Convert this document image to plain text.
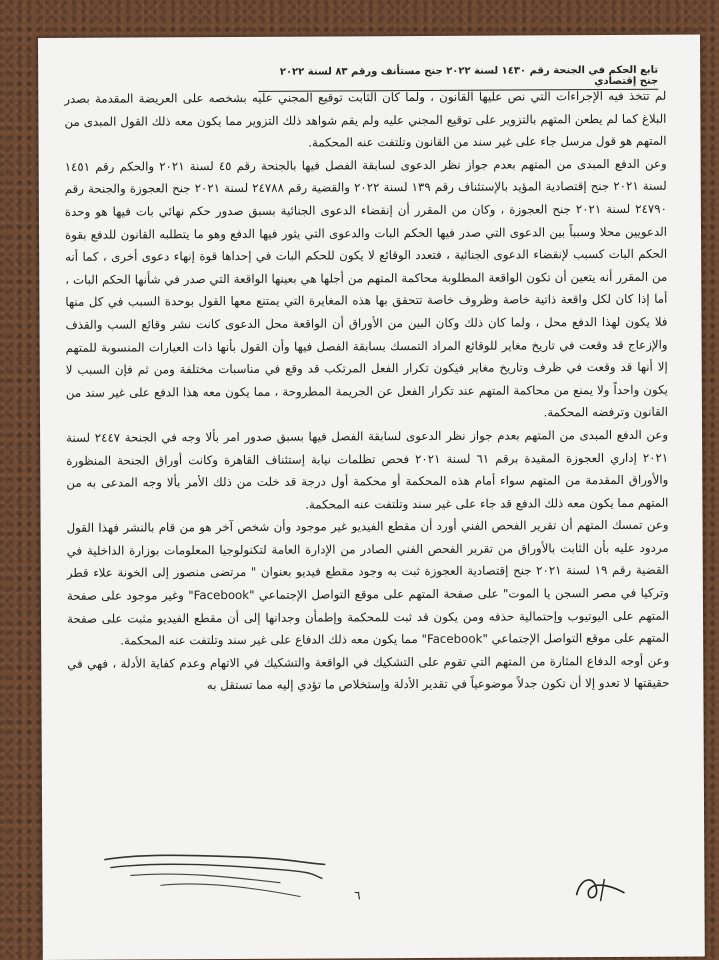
تابع الحكم في الجنحة رقم ١٤٣٠ لسنة ٢٠٢٢ جنح مستأنف ورقم ٨٣ لسنة ٢٠٢٢ جنح إقتصادي

لم تتخذ فيه الإجراءات التي نص عليها القانون ، ولما كان الثابت توقيع المجني عليه بشخصه على العريضة المقدمة بصدر البلاغ كما لم يطعن المتهم بالتزوير على توقيع المجني عليه ولم يقم شواهد ذلك التزوير مما يكون معه ذلك القول المبدى من المتهم هو قول مرسل جاء على غير سند من القانون وتلتفت عنه المحكمة.

وعن الدفع المبدى من المتهم بعدم جواز نظر الدعوى لسابقة الفصل فيها بالجنحة رقم ٤٥ لسنة ٢٠٢١ والحكم رقم ١٤٥١ لسنة ٢٠٢١ جنح إقتصادية المؤيد بالإستئناف رقم ١٣٩ لسنة ٢٠٢٢ والقضية رقم ٢٤٧٨٨ لسنة ٢٠٢١ جنح العجوزة والجنحة رقم ٢٤٧٩٠ لسنة ٢٠٢١ جنح العجوزة ، وكان من المقرر أن إنقضاء الدعوى الجنائية بسبق صدور حكم نهائي بات فيها هو وحدة الدعويين محلا وسبباً بين الدعوى التي صدر فيها الحكم البات والدعوى التي يثور فيها الدفع وهو ما يتطلبه القانون للدفع بقوة الحكم البات كسبب لإنقضاء الدعوى الجنائية ، فتعدد الوقائع لا يكون للحكم البات في إحداها قوة إنهاء دعوى أخرى ، كما أنه من المقرر أنه يتعين أن تكون الواقعة المطلوبة محاكمة المتهم من أجلها هي بعينها الواقعة التي صدر في شأنها الحكم البات ، أما إذا كان لكل واقعة ذاتية خاصة وظروف خاصة تتحقق بها هذه المغايرة التي يمتنع معها القول بوحدة السبب في كل منها فلا يكون لهذا الدفع محل ، ولما كان ذلك وكان البين من الأوراق أن الواقعة محل الدعوى كانت نشر وقائع السب والقذف والإزعاج قد وقعت في تاريخ مغاير للوقائع المراد التمسك بسابقة الفصل فيها وأن القول بأنها ذات العبارات المنسوبة للمتهم إلا أنها قد وقعت في ظرف وتاريخ مغاير فيكون تكرار الفعل المرتكب قد وقع في مناسبات مختلفة ومن ثم فإن السبب لا يكون واحداً ولا يمنع من محاكمة المتهم عند تكرار الفعل عن الجريمة المطروحة ، مما يكون معه هذا الدفع على غير سند من القانون وترفضه المحكمة.

وعن الدفع المبدى من المتهم بعدم جواز نظر الدعوى لسابقة الفصل فيها بسبق صدور امر بألا وجه في الجنحة ٢٤٤٧ لسنة ٢٠٢١ إداري العجوزة المقيدة برقم ٦١ لسنة ٢٠٢١ فحص تظلمات نيابة إستئناف القاهرة وكانت أوراق الجنحة المنظورة والأوراق المقدمة من المتهم سواء أمام هذه المحكمة أو محكمة أول درجة قد خلت من ذلك الأمر بألا وجه المدعى به من المتهم مما يكون معه ذلك الدفع قد جاء على غير سند وتلتفت عنه المحكمة.

وعن تمسك المتهم أن تقرير الفحص الفني أورد أن مقطع الفيديو غير موجود وأن شخص آخر هو من قام بالنشر فهذا القول مردود عليه بأن الثابت بالأوراق من تقرير الفحص الفني الصادر من الإدارة العامة لتكنولوجيا المعلومات بوزارة الداخلية في القضية رقم ١٩ لسنة ٢٠٢١ جنح إقتصادية العجوزة ثبت به وجود مقطع فيديو بعنوان " مرتضى منصور إلى الخونة علاء قطر وتركيا في مصر السجن يا الموت" على صفحة المتهم على موقع التواصل الإجتماعي "Facebook" وغير موجود على صفحة المتهم على اليوتيوب وإحتمالية حذفه ومن يكون قد ثبت للمحكمة وإطمأن وجدانها إلى أن مقطع الفيديو مثبت على صفحة المتهم على موقع التواصل الإجتماعي "Facebook" مما يكون معه ذلك الدفاع على غير سند وتلتفت عنه المحكمة.

وعن أوجه الدفاع المثارة من المتهم التي تقوم على التشكيك في الواقعة والتشكيك في الاتهام وعدم كفاية الأدلة ، فهي في حقيقتها لا تعدو إلا أن تكون جدلاً موضوعياً في تقدير الأدلة وإستخلاص ما تؤدي إليه مما تستقل به

٦
